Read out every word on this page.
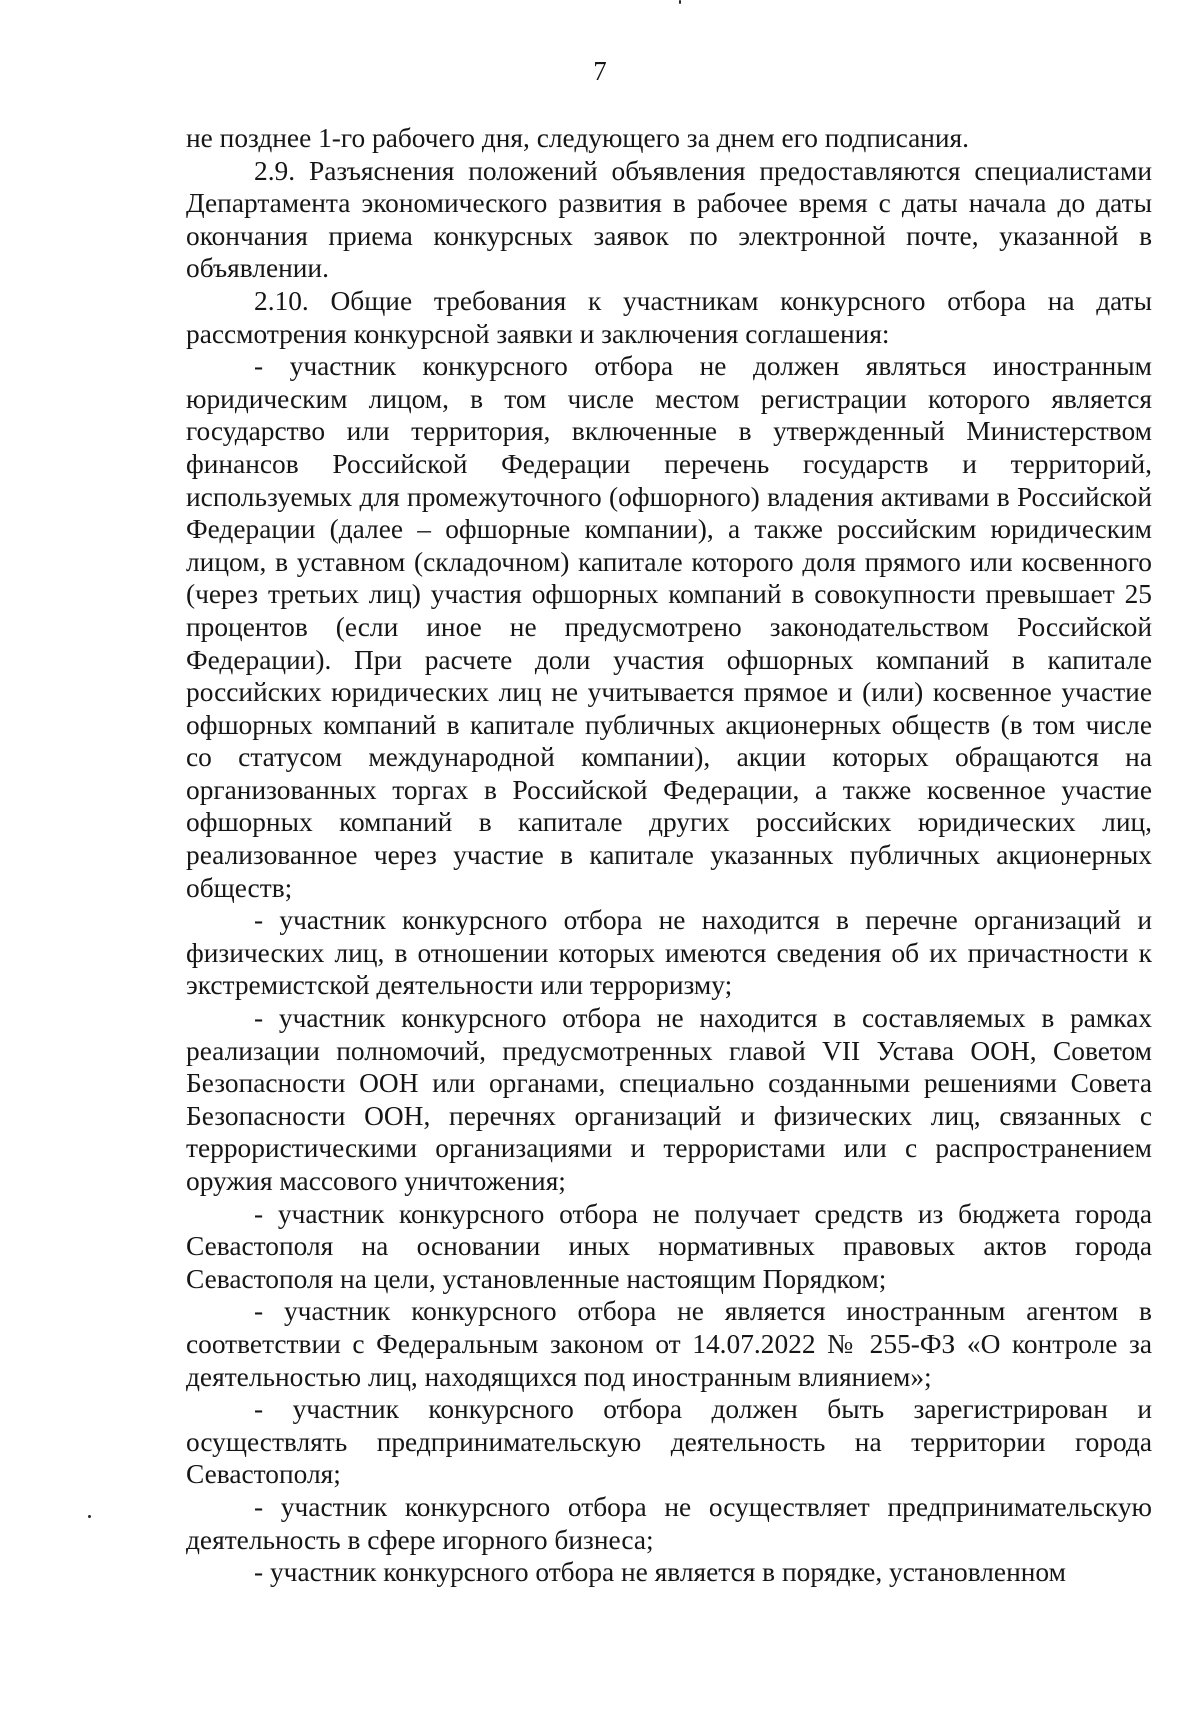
7

не позднее 1-го рабочего дня, следующего за днем его подписания.

2.9. Разъяснения положений объявления предоставляются специалистами Департамента экономического развития в рабочее время с даты начала до даты окончания приема конкурсных заявок по электронной почте, указанной в объявлении.

2.10. Общие требования к участникам конкурсного отбора на даты рассмотрения конкурсной заявки и заключения соглашения:

- участник конкурсного отбора не должен являться иностранным юридическим лицом, в том числе местом регистрации которого является государство или территория, включенные в утвержденный Министерством финансов Российской Федерации перечень государств и территорий, используемых для промежуточного (офшорного) владения активами в Российской Федерации (далее – офшорные компании), а также российским юридическим лицом, в уставном (складочном) капитале которого доля прямого или косвенного (через третьих лиц) участия офшорных компаний в совокупности превышает 25 процентов (если иное не предусмотрено законодательством Российской Федерации). При расчете доли участия офшорных компаний в капитале российских юридических лиц не учитывается прямое и (или) косвенное участие офшорных компаний в капитале публичных акционерных обществ (в том числе со статусом международной компании), акции которых обращаются на организованных торгах в Российской Федерации, а также косвенное участие офшорных компаний в капитале других российских юридических лиц, реализованное через участие в капитале указанных публичных акционерных обществ;

- участник конкурсного отбора не находится в перечне организаций и физических лиц, в отношении которых имеются сведения об их причастности к экстремистской деятельности или терроризму;

- участник конкурсного отбора не находится в составляемых в рамках реализации полномочий, предусмотренных главой VII Устава ООН, Советом Безопасности ООН или органами, специально созданными решениями Совета Безопасности ООН, перечнях организаций и физических лиц, связанных с террористическими организациями и террористами или с распространением оружия массового уничтожения;

- участник конкурсного отбора не получает средств из бюджета города Севастополя на основании иных нормативных правовых актов города Севастополя на цели, установленные настоящим Порядком;

- участник конкурсного отбора не является иностранным агентом в соответствии с Федеральным законом от 14.07.2022 № 255-ФЗ «О контроле за деятельностью лиц, находящихся под иностранным влиянием»;

- участник конкурсного отбора должен быть зарегистрирован и осуществлять предпринимательскую деятельность на территории города Севастополя;

- участник конкурсного отбора не осуществляет предпринимательскую деятельность в сфере игорного бизнеса;

- участник конкурсного отбора не является в порядке, установленном
